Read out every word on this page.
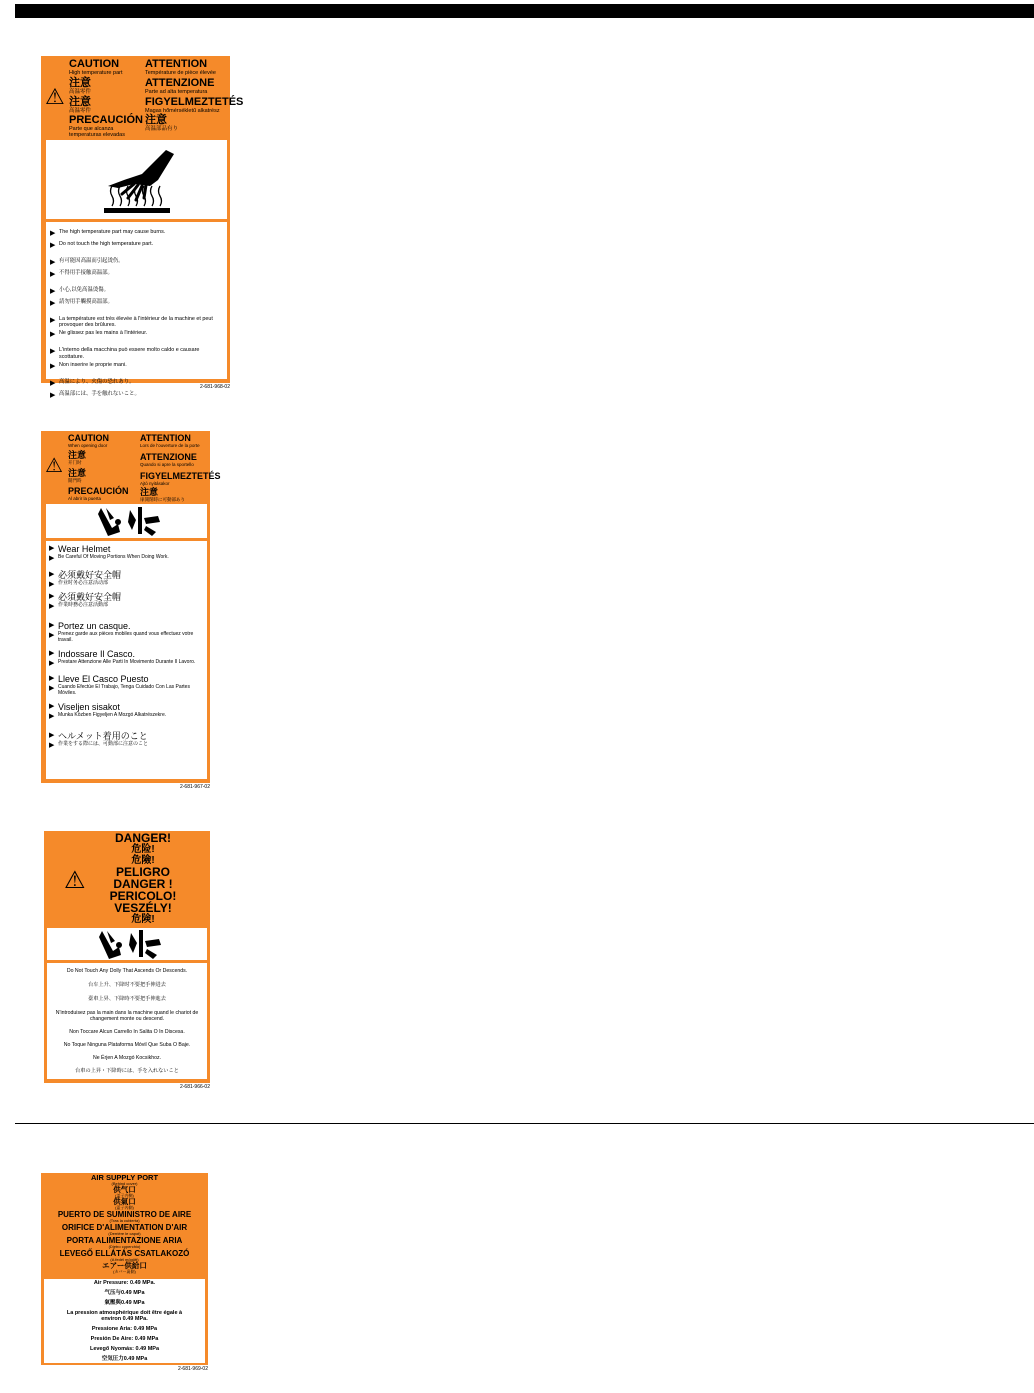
⚠
CAUTION
High temperature part
ATTENTION
Température de pièce élevée
注意
高温零件
ATTENZIONE
Parte ad alta temperatura
注意
高温零件
FIGYELMEZTETÉS
Magas hőmérsékletű alkatrész
PRECAUCIÓN
Parte que alcanza temperaturas elevadas
注意
高温部品有り
▶ The high temperature part may cause burns.
▶ Do not touch the high temperature part.
▶ 有可能因高温而引起烫伤。
▶ 不得用手接触高温部。
▶ 小心,以免高温烫傷。
▶ 請勿用手觸摸高溫部。
▶ La température est très élevée à l'intérieur de la machine et peut provoquer des brûlures.
▶ Ne glissez pas les mains à l'intérieur.
▶ L'interno della macchina può essere molto caldo e causare scottature.
▶ Non inserire le proprie mani.
▶ 高温により、火傷の恐れあり。
▶ 高温部には、手を触れないこと。
2-681-968-02
⚠
CAUTION
When opening door
ATTENTION
Lors de l'ouverture de la porte
注意
开门时
ATTENZIONE
Quando si apre la sportello
注意
開門時	FIGYELMEZTETÉS
Ajtó nyitásakor
PRECAUCIÓN
Al abrir la puerta
注意
扉開閉時に可動部あり
▶ Wear Helmet
▶ Be Careful Of Moving Portions When Doing Work.
▶ 必须戴好安全帽
▶ 作业时务必注意活动部
▶ 必須戴好安全帽
▶ 作業時務必注意活動部
▶ Portez un casque.
▶ Prenez garde aux pièces mobiles quand vous effectuez votre travail.
▶ Indossare Il Casco.
▶ Prestare Attenzione Alle Parti In Movimento Durante Il Lavoro.
▶ Lleve El Casco Puesto
▶ Cuando Efectúe El Trabajo, Tenga Cuidado Con Las Partes Móviles.
▶ Viseljen sisakot
▶ Munka Közben Figyeljen A Mozgó Alkatrészekre.
▶ ヘルメット着用のこと
▶ 作業をする際には、可動部に注意のこと
2-681-967-02
⚠
DANGER!
危险!
危險!
PELIGRO
DANGER !
PERICOLO!
VESZÉLY!
危険!
Do Not Touch Any Dolly That Ascends Or Descends.
台车上升、下降时不要把手伸进去
臺車上昇、下降時不要把手伸進去
N'introduisez pas la main dans la machine quand le chariot de changement monte ou descend.
Non Toccare Alcun Carrello In Salita O In Discesa.
No Toque Ninguna Plataforma Móvil Que Suba O Baje.
Ne Érjen A Mozgó Kocsikhoz.
台車の上昇・下降時には、手を入れないこと
2-681-966-02
AIR SUPPLY PORT
(Behind cover)
供气口
(盖子内侧)
供氣口
(蓋子內側)
PUERTO DE SUMINISTRO DE AIRE
(Tras la cubierta)
ORIFICE D'ALIMENTATION D'AIR
(Derrière le capot)
PORTA ALIMENTAZIONE ARIA
(Dietro coperchio)
LEVEGŐ ELLÁTÁS CSATLAKOZÓ
(A fedél mögött)
エアー供給口
(カバー裏側)
Air Pressure: 0.49 MPa.
气压与0.49 MPa
氣壓與0.49 MPa
La pression atmosphérique doit être égale à environ 0.49 MPa.
Pressione Aria: 0.49 MPa
Presión De Aire: 0.49 MPa
Levegő Nyomás: 0.49 MPa
空気圧力0.49 MPa
2-681-969-02
